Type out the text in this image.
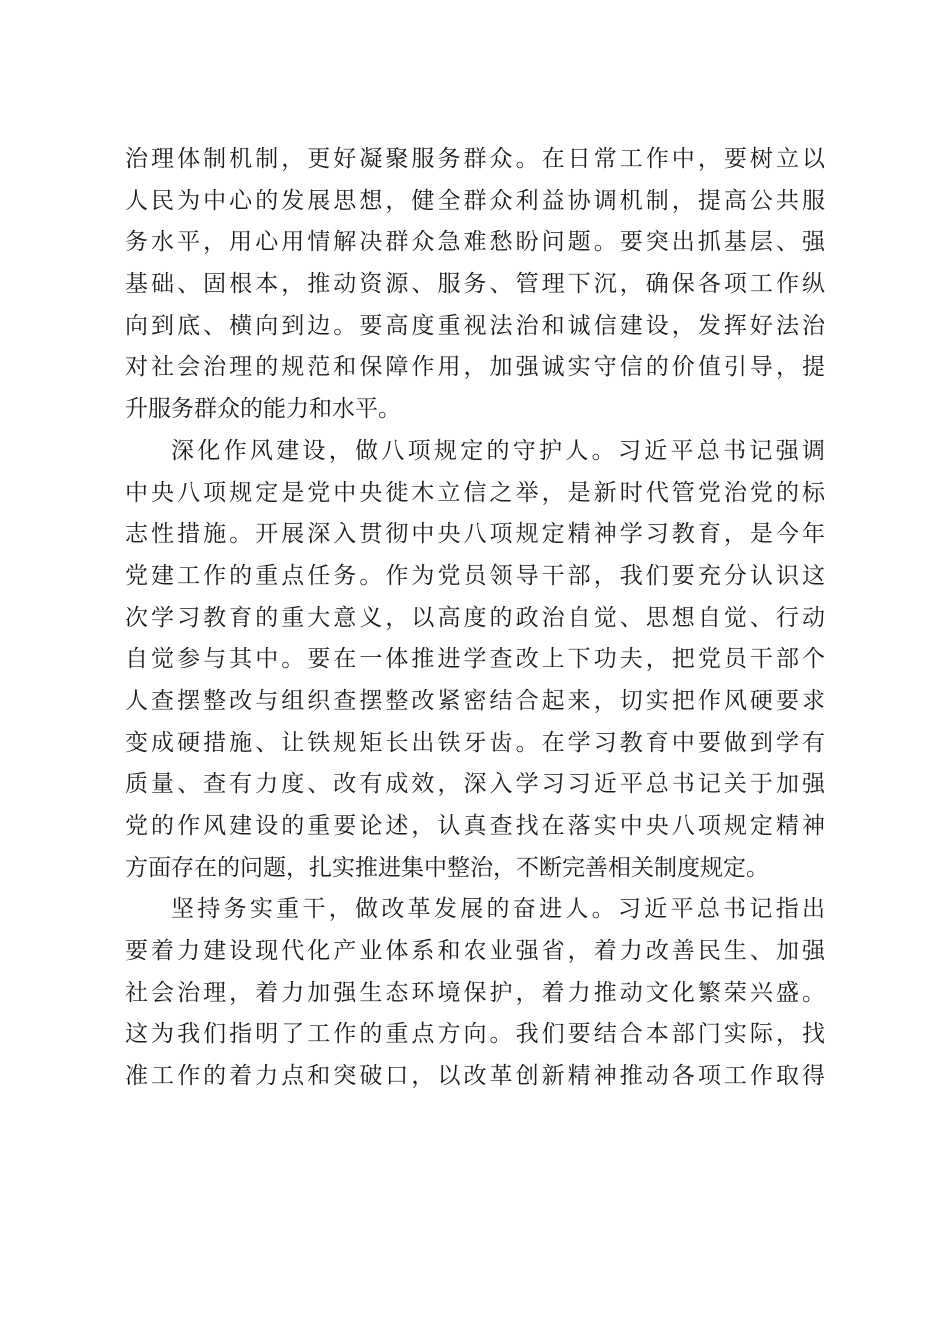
治理体制机制，更好凝聚服务群众。在日常工作中，要树立以
人民为中心的发展思想，健全群众利益协调机制，提高公共服
务水平，用心用情解决群众急难愁盼问题。要突出抓基层、强
基础、固根本，推动资源、服务、管理下沉，确保各项工作纵
向到底、横向到边。要高度重视法治和诚信建设，发挥好法治
对社会治理的规范和保障作用，加强诚实守信的价值引导，提
升服务群众的能力和水平。
深化作风建设，做八项规定的守护人。习近平总书记强调
中央八项规定是党中央徙木立信之举，是新时代管党治党的标
志性措施。开展深入贯彻中央八项规定精神学习教育，是今年
党建工作的重点任务。作为党员领导干部，我们要充分认识这
次学习教育的重大意义，以高度的政治自觉、思想自觉、行动
自觉参与其中。要在一体推进学查改上下功夫，把党员干部个
人查摆整改与组织查摆整改紧密结合起来，切实把作风硬要求
变成硬措施、让铁规矩长出铁牙齿。在学习教育中要做到学有
质量、查有力度、改有成效，深入学习习近平总书记关于加强
党的作风建设的重要论述，认真查找在落实中央八项规定精神
方面存在的问题，扎实推进集中整治，不断完善相关制度规定。
坚持务实重干，做改革发展的奋进人。习近平总书记指出
要着力建设现代化产业体系和农业强省，着力改善民生、加强
社会治理，着力加强生态环境保护，着力推动文化繁荣兴盛。
这为我们指明了工作的重点方向。我们要结合本部门实际，找
准工作的着力点和突破口，以改革创新精神推动各项工作取得
